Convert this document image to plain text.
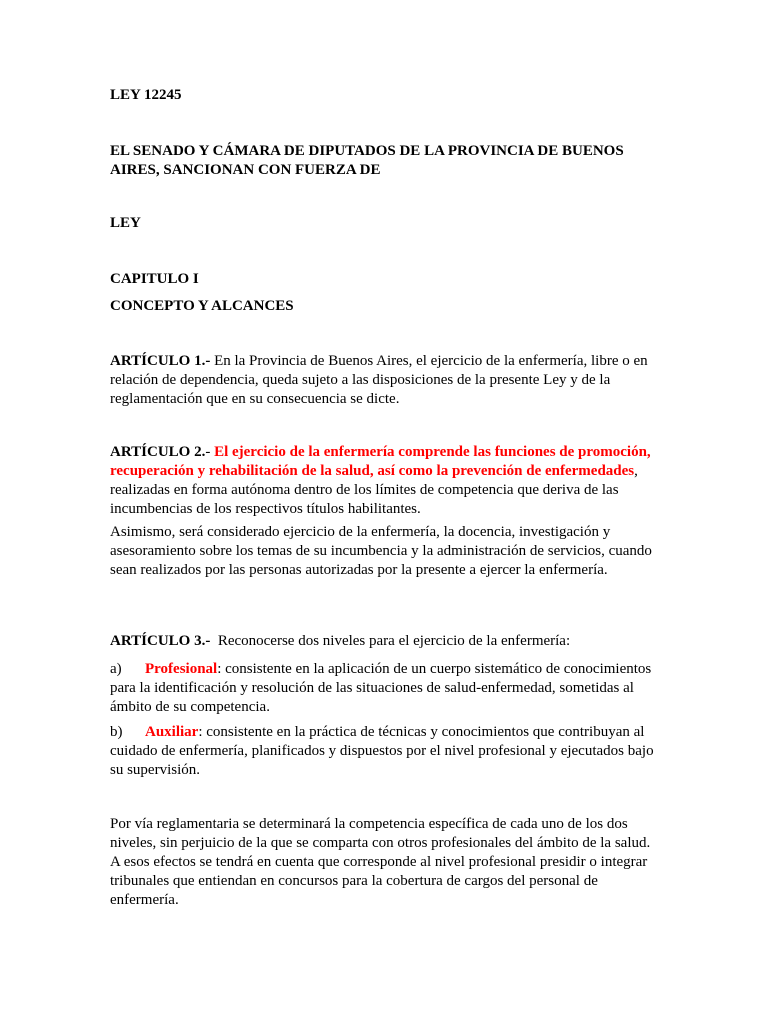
LEY 12245

EL SENADO Y CÁMARA DE DIPUTADOS DE LA PROVINCIA DE BUENOS AIRES, SANCIONAN CON FUERZA DE

LEY

CAPITULO I

CONCEPTO Y ALCANCES

ARTÍCULO 1.- En la Provincia de Buenos Aires, el ejercicio de la enfermería, libre o en relación de dependencia, queda sujeto a las disposiciones de la presente Ley y de la reglamentación que en su consecuencia se dicte.

ARTÍCULO 2.- El ejercicio de la enfermería comprende las funciones de promoción, recuperación y rehabilitación de la salud, así como la prevención de enfermedades, realizadas en forma autónoma dentro de los límites de competencia que deriva de las incumbencias de los respectivos títulos habilitantes.

Asimismo, será considerado ejercicio de la enfermería, la docencia, investigación y asesoramiento sobre los temas de su incumbencia y la administración de servicios, cuando sean realizados por las personas autorizadas por la presente a ejercer la enfermería.

ARTÍCULO 3.-  Reconocerse dos niveles para el ejercicio de la enfermería:

a) Profesional: consistente en la aplicación de un cuerpo sistemático de conocimientos para la identificación y resolución de las situaciones de salud-enfermedad, sometidas al ámbito de su competencia.

b) Auxiliar: consistente en la práctica de técnicas y conocimientos que contribuyan al cuidado de enfermería, planificados y dispuestos por el nivel profesional y ejecutados bajo su supervisión.

Por vía reglamentaria se determinará la competencia específica de cada uno de los dos niveles, sin perjuicio de la que se comparta con otros profesionales del ámbito de la salud. A esos efectos se tendrá en cuenta que corresponde al nivel profesional presidir o integrar tribunales que entiendan en concursos para la cobertura de cargos del personal de enfermería.
